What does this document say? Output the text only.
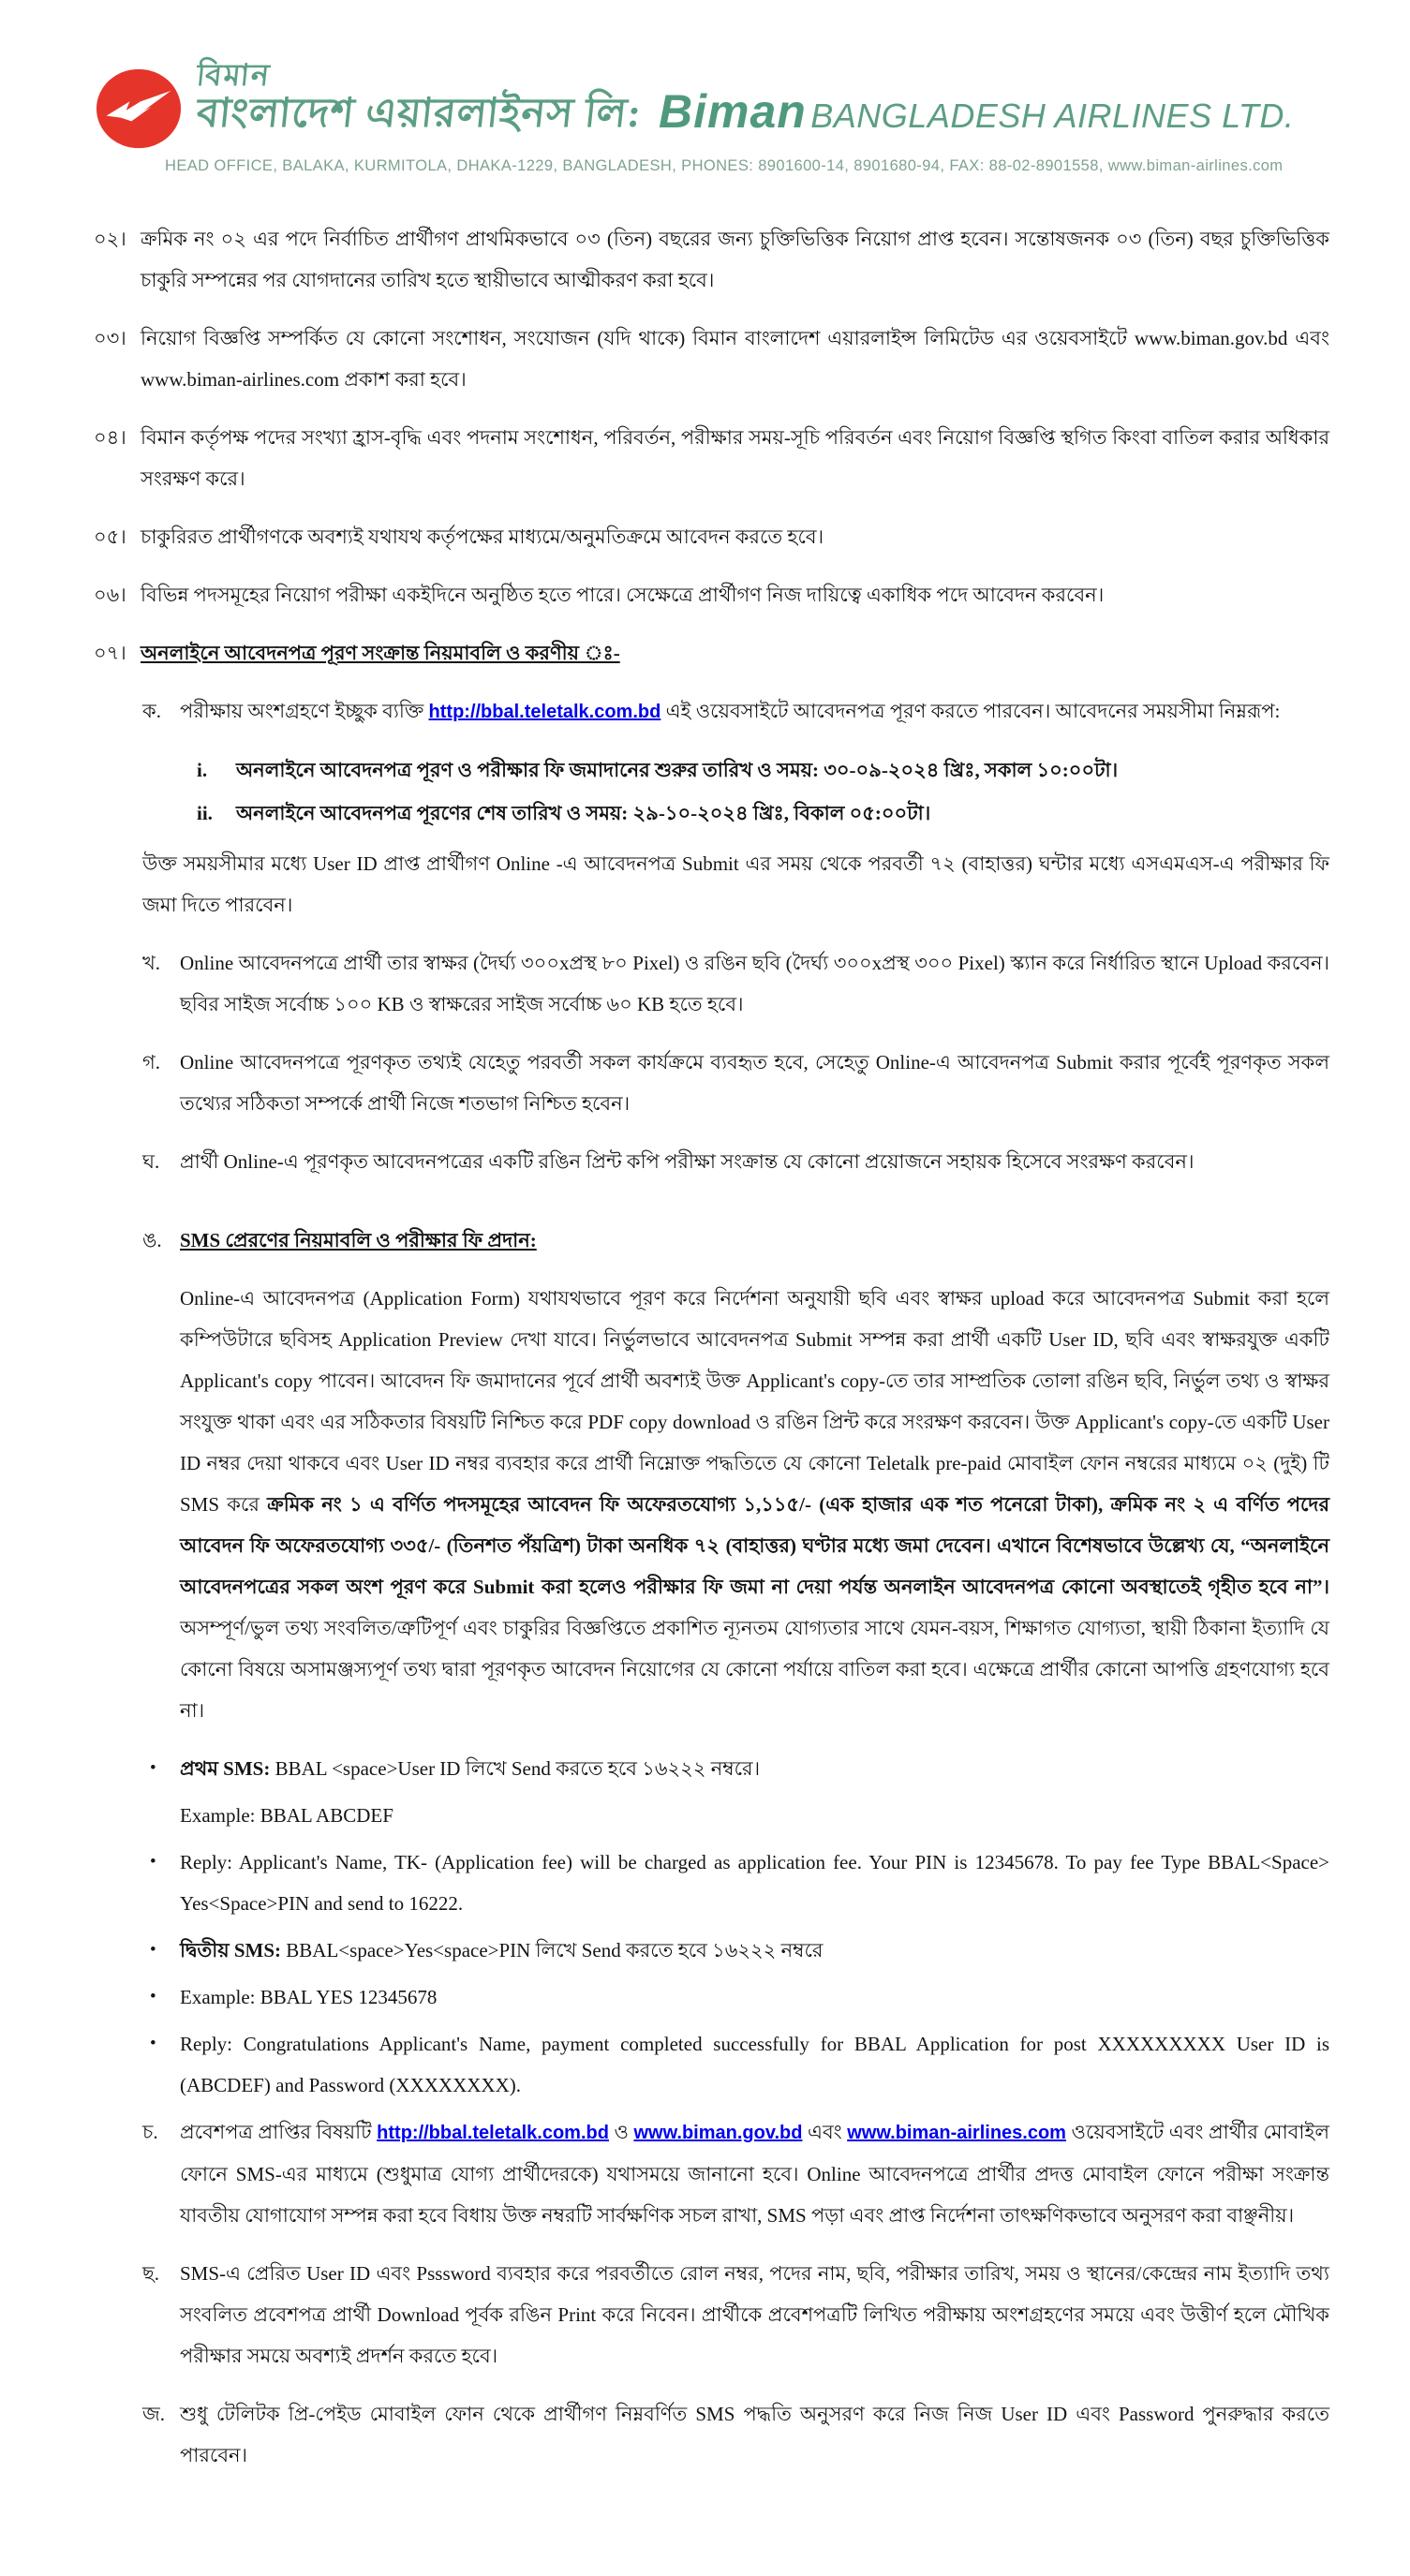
বিমান
বাংলাদেশ এয়ারলাইনস লি: Biman BANGLADESH AIRLINES LTD.
HEAD OFFICE, BALAKA, KURMITOLA, DHAKA-1229, BANGLADESH, PHONES: 8901600-14, 8901680-94, FAX: 88-02-8901558, www.biman-airlines.com
০২। ক্রমিক নং ০২ এর পদে নির্বাচিত প্রার্থীগণ প্রাথমিকভাবে ০৩ (তিন) বছরের জন্য চুক্তিভিত্তিক নিয়োগ প্রাপ্ত হবেন। সন্তোষজনক ০৩ (তিন) বছর চুক্তিভিত্তিক চাকুরি সম্পন্নের পর যোগদানের তারিখ হতে স্থায়ীভাবে আত্মীকরণ করা হবে।

০৩। নিয়োগ বিজ্ঞপ্তি সম্পর্কিত যে কোনো সংশোধন, সংযোজন (যদি থাকে) বিমান বাংলাদেশ এয়ারলাইন্স লিমিটেড এর ওয়েবসাইটে www.biman.gov.bd এবং www.biman-airlines.com প্রকাশ করা হবে।

০৪। বিমান কর্তৃপক্ষ পদের সংখ্যা হ্রাস-বৃদ্ধি এবং পদনাম সংশোধন, পরিবর্তন, পরীক্ষার সময়-সূচি পরিবর্তন এবং নিয়োগ বিজ্ঞপ্তি স্থগিত কিংবা বাতিল করার অধিকার সংরক্ষণ করে।

০৫। চাকুরিরত প্রার্থীগণকে অবশ্যই যথাযথ কর্তৃপক্ষের মাধ্যমে/অনুমতিক্রমে আবেদন করতে হবে।

০৬। বিভিন্ন পদসমূহের নিয়োগ পরীক্ষা একইদিনে অনুষ্ঠিত হতে পারে। সেক্ষেত্রে প্রার্থীগণ নিজ দায়িত্বে একাধিক পদে আবেদন করবেন।

০৭। অনলাইনে আবেদনপত্র পূরণ সংক্রান্ত নিয়মাবলি ও করণীয় ঃ-

ক. পরীক্ষায় অংশগ্রহণে ইচ্ছুক ব্যক্তি http://bbal.teletalk.com.bd এই ওয়েবসাইটে আবেদনপত্র পূরণ করতে পারবেন। আবেদনের সময়সীমা নিম্নরূপ:

i.	অনলাইনে আবেদনপত্র পূরণ ও পরীক্ষার ফি জমাদানের শুরুর তারিখ ও সময়: ৩০-০৯-২০২৪ খ্রিঃ, সকাল ১০:০০টা।

ii.	অনলাইনে আবেদনপত্র পূরণের শেষ তারিখ ও সময়: ২৯-১০-২০২৪ খ্রিঃ, বিকাল ০৫:০০টা।

উক্ত সময়সীমার মধ্যে User ID প্রাপ্ত প্রার্থীগণ Online -এ আবেদনপত্র Submit এর সময় থেকে পরবর্তী ৭২ (বাহাত্তর) ঘন্টার মধ্যে এসএমএস-এ পরীক্ষার ফি জমা দিতে পারবেন।

খ. Online আবেদনপত্রে প্রার্থী তার স্বাক্ষর (দৈর্ঘ্য ৩০০xপ্রস্থ ৮০ Pixel) ও রঙিন ছবি (দৈর্ঘ্য ৩০০xপ্রস্থ ৩০০ Pixel) স্ক্যান করে নির্ধারিত স্থানে Upload করবেন। ছবির সাইজ সর্বোচ্চ ১০০ KB ও স্বাক্ষরের সাইজ সর্বোচ্চ ৬০ KB হতে হবে।

গ. Online আবেদনপত্রে পূরণকৃত তথ্যই যেহেতু পরবর্তী সকল কার্যক্রমে ব্যবহৃত হবে, সেহেতু Online-এ আবেদনপত্র Submit করার পূর্বেই পূরণকৃত সকল তথ্যের সঠিকতা সম্পর্কে প্রার্থী নিজে শতভাগ নিশ্চিত হবেন।

ঘ.	প্রার্থী Online-এ পূরণকৃত আবেদনপত্রের একটি রঙিন প্রিন্ট কপি পরীক্ষা সংক্রান্ত যে কোনো প্রয়োজনে সহায়ক হিসেবে সংরক্ষণ করবেন।

ঙ. SMS প্রেরণের নিয়মাবলি ও পরীক্ষার ফি প্রদান:

Online-এ আবেদনপত্র (Application Form) যথাযথভাবে পূরণ করে নির্দেশনা অনুযায়ী ছবি এবং স্বাক্ষর upload করে আবেদনপত্র Submit করা হলে কম্পিউটারে ছবিসহ Application Preview দেখা যাবে। নির্ভুলভাবে আবেদনপত্র Submit সম্পন্ন করা প্রার্থী একটি User ID, ছবি এবং স্বাক্ষরযুক্ত একটি Applicant's copy পাবেন। আবেদন ফি জমাদানের পূর্বে প্রার্থী অবশ্যই উক্ত Applicant's copy-তে তার সাম্প্রতিক তোলা রঙিন ছবি, নির্ভুল তথ্য ও স্বাক্ষর সংযুক্ত থাকা এবং এর সঠিকতার বিষয়টি নিশ্চিত করে PDF copy download ও রঙিন প্রিন্ট করে সংরক্ষণ করবেন। উক্ত Applicant's copy-তে একটি User ID নম্বর দেয়া থাকবে এবং User ID নম্বর ব্যবহার করে প্রার্থী নিম্নোক্ত পদ্ধতিতে যে কোনো Teletalk pre-paid মোবাইল ফোন নম্বরের মাধ্যমে ০২ (দুই) টি SMS করে ক্রমিক নং ১ এ বর্ণিত পদসমূহের আবেদন ফি অফেরতযোগ্য ১,১১৫/- (এক হাজার এক শত পনেরো টাকা), ক্রমিক নং ২ এ বর্ণিত পদের আবেদন ফি অফেরতযোগ্য ৩৩৫/- (তিনশত পঁয়ত্রিশ) টাকা অনধিক ৭২ (বাহাত্তর) ঘণ্টার মধ্যে জমা দেবেন। এখানে বিশেষভাবে উল্লেখ্য যে, “অনলাইনে আবেদনপত্রের সকল অংশ পূরণ করে Submit করা হলেও পরীক্ষার ফি জমা না দেয়া পর্যন্ত অনলাইন আবেদনপত্র কোনো অবস্থাতেই গৃহীত হবে না”। অসম্পূর্ণ/ভুল তথ্য সংবলিত/ত্রুটিপূর্ণ এবং চাকুরির বিজ্ঞপ্তিতে প্রকাশিত ন্যূনতম যোগ্যতার সাথে যেমন-বয়স, শিক্ষাগত যোগ্যতা, স্থায়ী ঠিকানা ইত্যাদি যে কোনো বিষয়ে অসামঞ্জস্যপূর্ণ তথ্য দ্বারা পূরণকৃত আবেদন নিয়োগের যে কোনো পর্যায়ে বাতিল করা হবে। এক্ষেত্রে প্রার্থীর কোনো আপত্তি গ্রহণযোগ্য হবে না।

•	প্রথম SMS: BBAL <space>User ID লিখে Send করতে হবে ১৬২২২ নম্বরে।

Example: BBAL ABCDEF

•	Reply: Applicant's Name, TK- (Application fee) will be charged as application fee. Your PIN is 12345678. To pay fee Type BBAL<Space> Yes<Space>PIN and send to 16222.

•	দ্বিতীয় SMS: BBAL<space>Yes<space>PIN লিখে Send করতে হবে ১৬২২২ নম্বরে

•	Example: BBAL YES 12345678

•	Reply: Congratulations Applicant's Name, payment completed successfully for BBAL Application for post XXXXXXXXX User ID is (ABCDEF) and Password (XXXXXXXX).

চ.	প্রবেশপত্র প্রাপ্তির বিষয়টি http://bbal.teletalk.com.bd ও www.biman.gov.bd এবং www.biman-airlines.com ওয়েবসাইটে এবং প্রার্থীর মোবাইল ফোনে SMS-এর মাধ্যমে (শুধুমাত্র যোগ্য প্রার্থীদেরকে) যথাসময়ে জানানো হবে। Online আবেদনপত্রে প্রার্থীর প্রদত্ত মোবাইল ফোনে পরীক্ষা সংক্রান্ত যাবতীয় যোগাযোগ সম্পন্ন করা হবে বিধায় উক্ত নম্বরটি সার্বক্ষণিক সচল রাখা, SMS পড়া এবং প্রাপ্ত নির্দেশনা তাৎক্ষণিকভাবে অনুসরণ করা বাঞ্ছনীয়।

ছ.	SMS-এ প্রেরিত User ID এবং Psssword ব্যবহার করে পরবর্তীতে রোল নম্বর, পদের নাম, ছবি, পরীক্ষার তারিখ, সময় ও স্থানের/কেন্দ্রের নাম ইত্যাদি তথ্য সংবলিত প্রবেশপত্র প্রার্থী Download পূর্বক রঙিন Print করে নিবেন। প্রার্থীকে প্রবেশপত্রটি লিখিত পরীক্ষায় অংশগ্রহণের সময়ে এবং উত্তীর্ণ হলে মৌখিক পরীক্ষার সময়ে অবশ্যই প্রদর্শন করতে হবে।

জ. শুধু টেলিটক প্রি-পেইড মোবাইল ফোন থেকে প্রার্থীগণ নিম্নবর্ণিত SMS পদ্ধতি অনুসরণ করে নিজ নিজ User ID এবং Password পুনরুদ্ধার করতে পারবেন।
